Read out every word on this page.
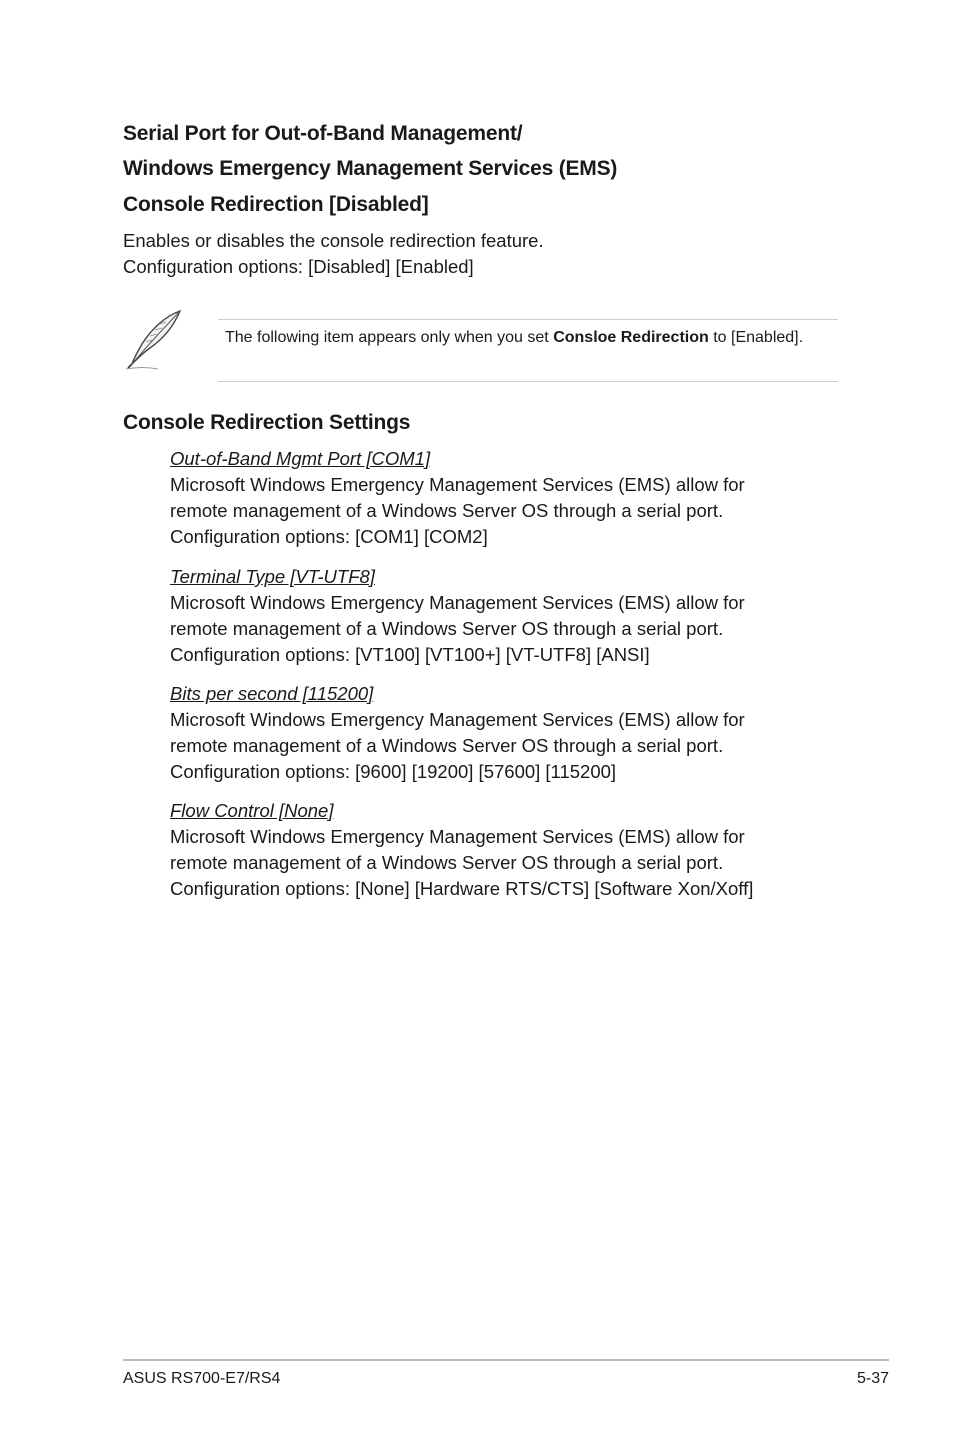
Serial Port for Out-of-Band Management/
Windows Emergency Management Services (EMS)
Console Redirection [Disabled]

Enables or disables the console redirection feature.

Configuration options: [Disabled] [Enabled]

The following item appears only when you set Consloe Redirection to [Enabled].

Console Redirection Settings

Out-of-Band Mgmt Port [COM1]

Microsoft Windows Emergency Management Services (EMS) allow for

remote management of a Windows Server OS through a serial port.

Configuration options: [COM1] [COM2]

Terminal Type [VT-UTF8]

Microsoft Windows Emergency Management Services (EMS) allow for

remote management of a Windows Server OS through a serial port.

Configuration options: [VT100] [VT100+] [VT-UTF8] [ANSI]

Bits per second [115200]

Microsoft Windows Emergency Management Services (EMS) allow for

remote management of a Windows Server OS through a serial port.

Configuration options: [9600] [19200] [57600] [115200]

Flow Control [None]

Microsoft Windows Emergency Management Services (EMS) allow for

remote management of a Windows Server OS through a serial port.

Configuration options: [None] [Hardware RTS/CTS] [Software Xon/Xoff]

ASUS RS700-E7/RS4	5-37
